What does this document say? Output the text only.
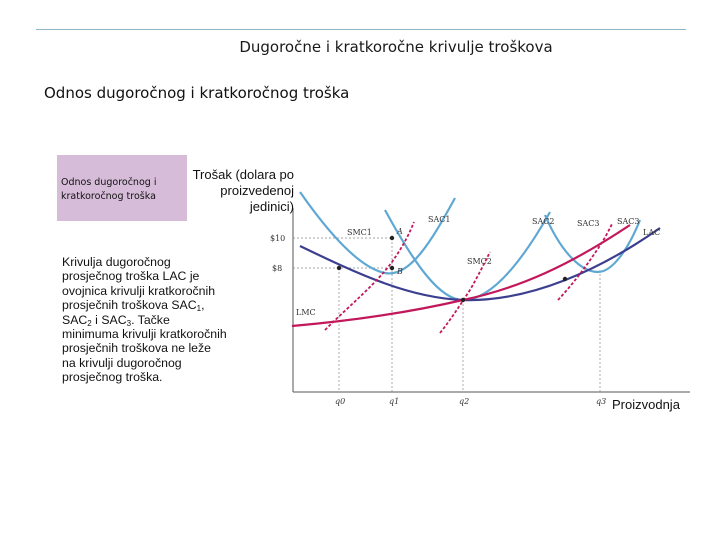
Dugoročne i kratkoročne krivulje troškova
Odnos dugoročnog i kratkoročnog troška
Odnos dugoročnog i kratkoročnog troška
$10
$8
q0	q1	q2	q3
SAC1	SAC2	SAC3 SAC3
LAC
SMC1
SMC2
LMC
A
B
Trošak (dolara po proizvedenoj jedinici)
Proizvodnja
Krivulja dugoročnog prosječnog troška LAC je ovojnica krivulji kratkoročnih prosječnih troškova $SAC_1$, $SAC_2$ i $SAC_3$. Tačke minimuma krivulji kratkoročnih prosječnih troškova ne leže na krivulji dugoročnog prosječnog troška.
